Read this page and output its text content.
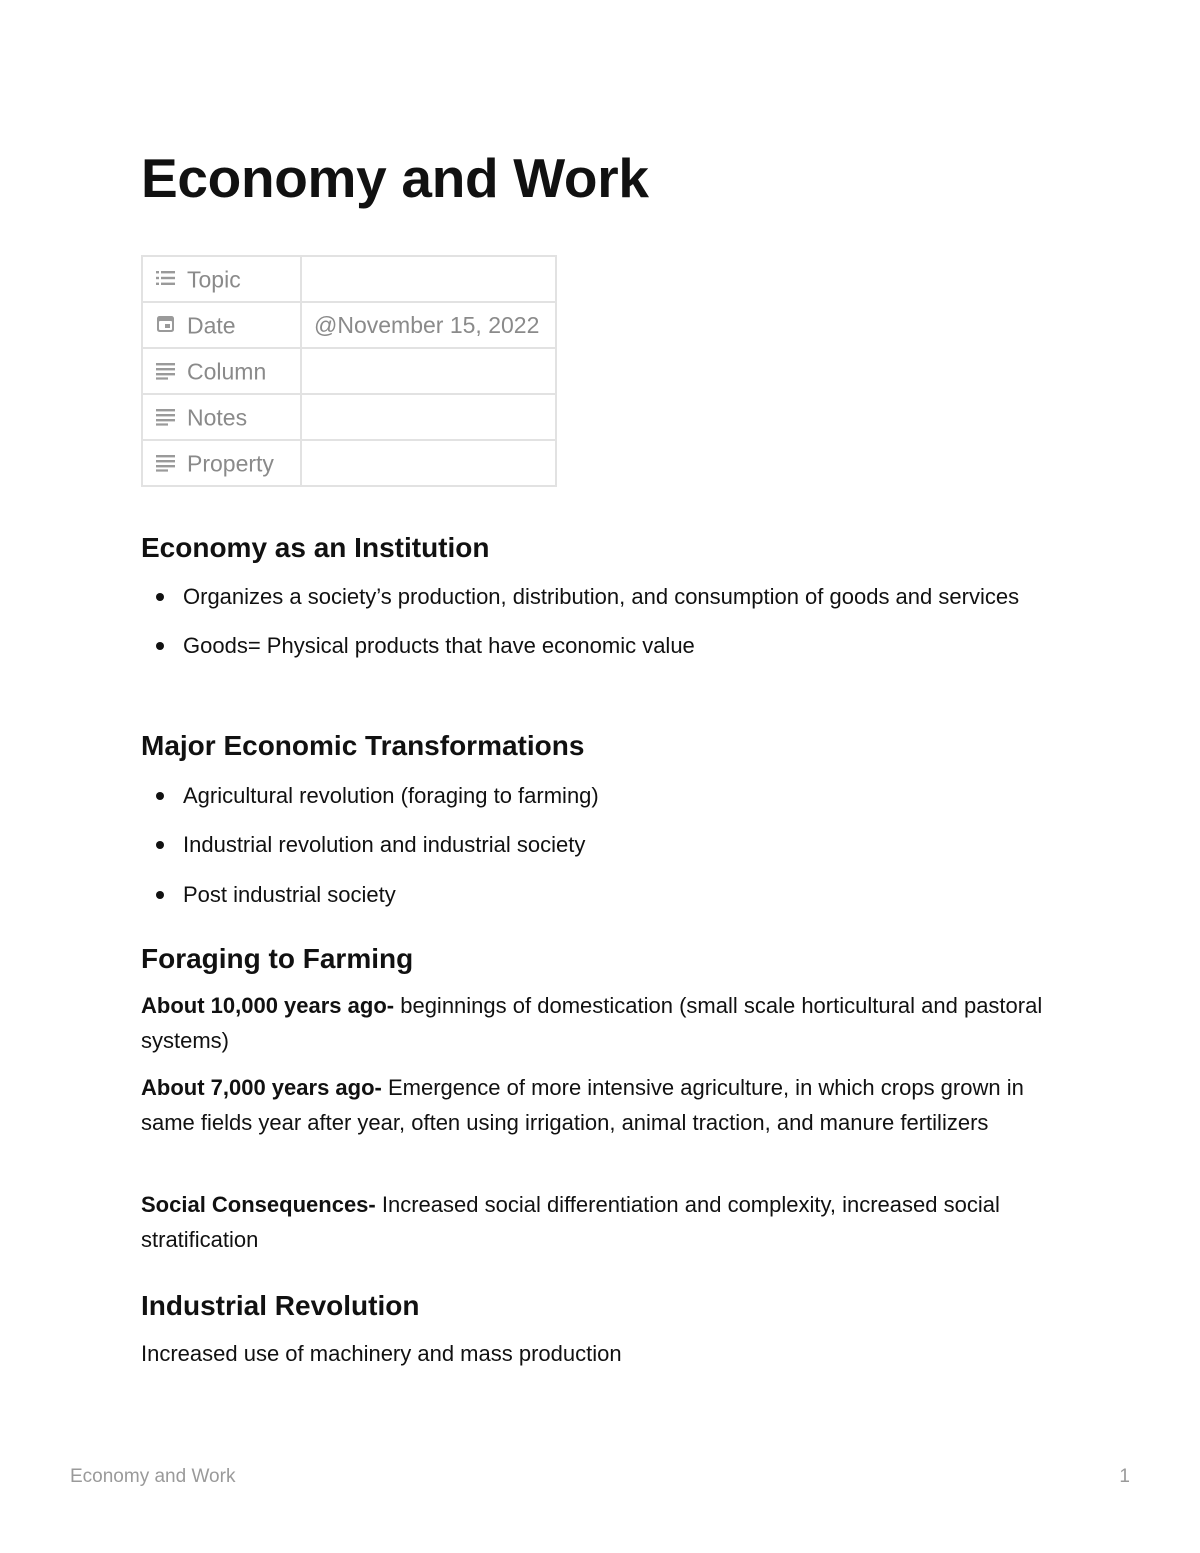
Economy and Work
Topic	

Date	@November 15, 2022

Column	

Notes	

Property	
Economy as an Institution
Organizes a society’s production, distribution, and consumption of goods and services
Goods= Physical products that have economic value
Major Economic Transformations
Agricultural revolution (foraging to farming)
Industrial revolution and industrial society
Post industrial society
Foraging to Farming

About 10,000 years ago- beginnings of domestication (small scale horticultural and pastoral systems)

About 7,000 years ago- Emergence of more intensive agriculture, in which crops grown in same fields year after year, often using irrigation, animal traction, and manure fertilizers

Social Consequences- Increased social differentiation and complexity, increased social stratification

Industrial Revolution

Increased use of machinery and mass production

Economy and Work	1
